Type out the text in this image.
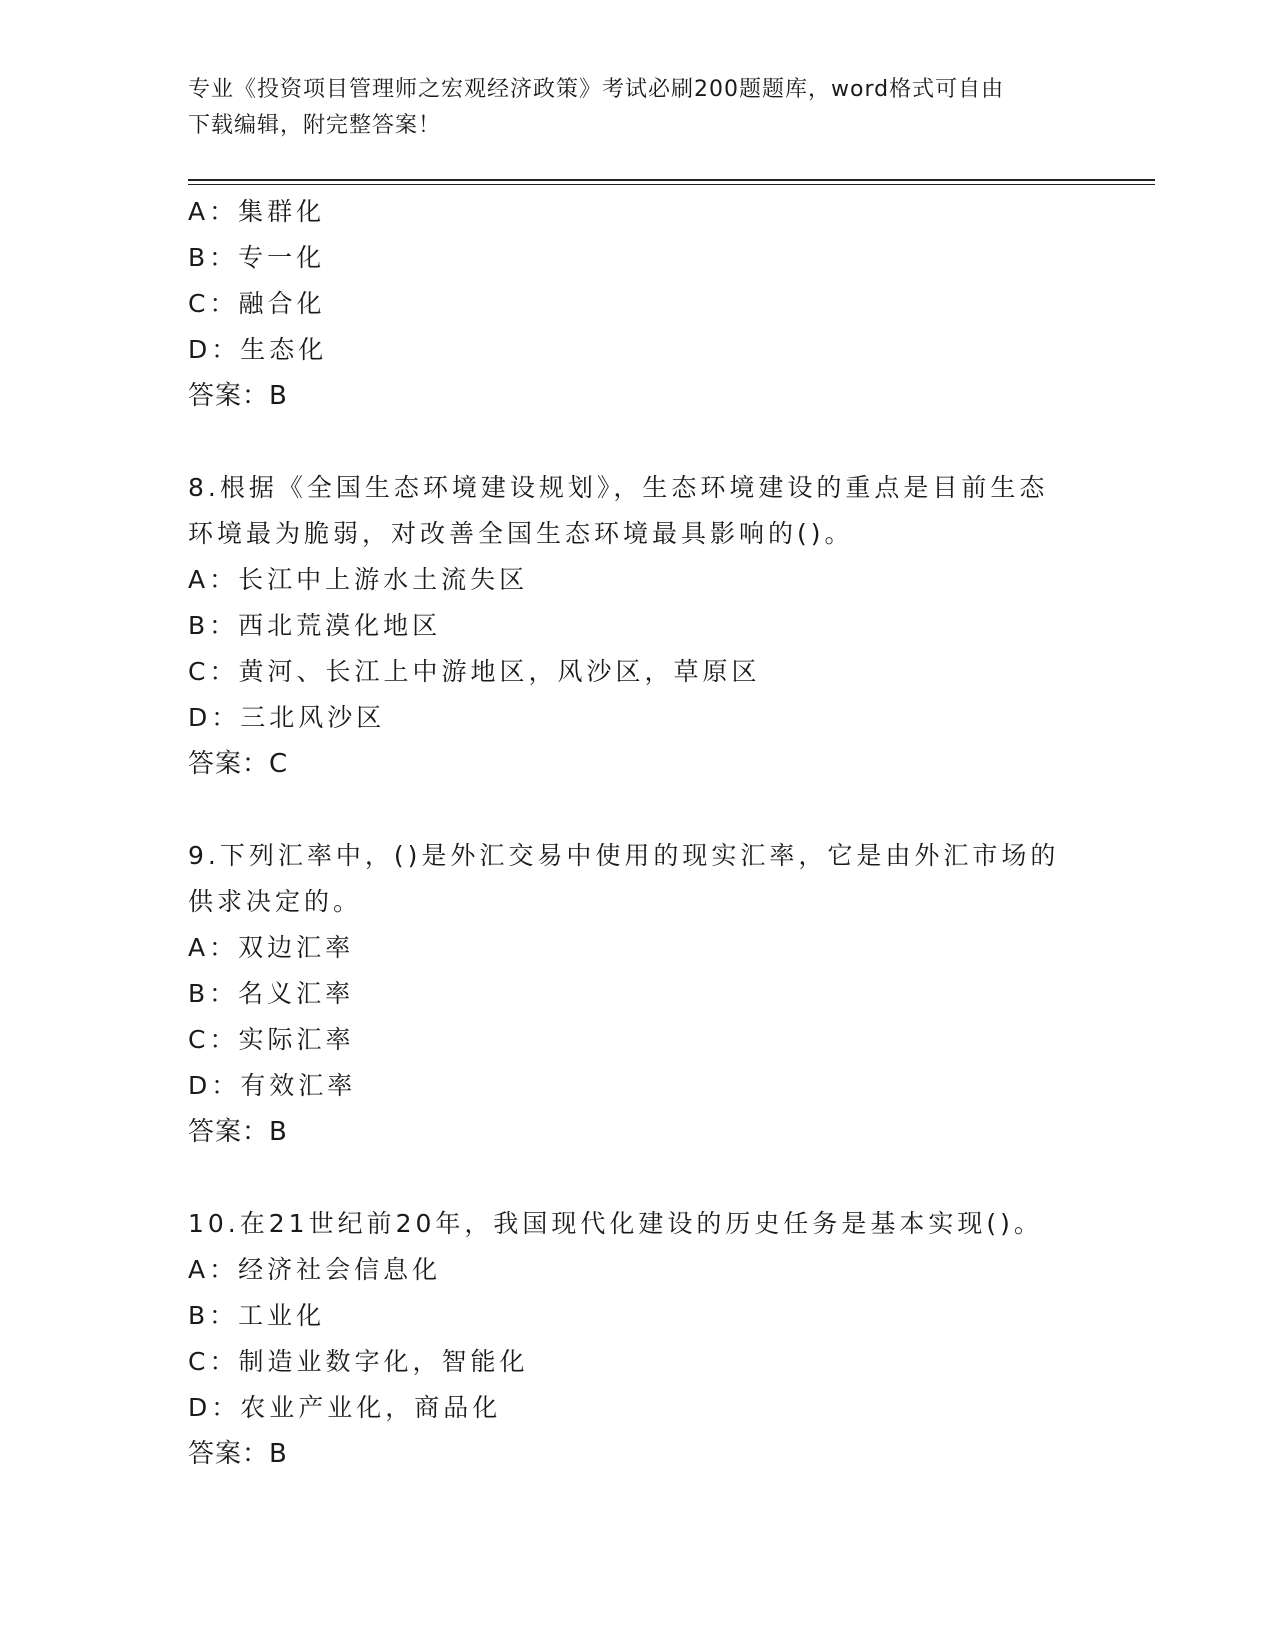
专业《投资项目管理师之宏观经济政策》考试必刷200题题库，word格式可自由
下载编辑，附完整答案！
A：集群化
B：专一化
C：融合化
D：生态化
答案：B
8.根据《全国生态环境建设规划》，生态环境建设的重点是目前生态
环境最为脆弱，对改善全国生态环境最具影响的()。
A：长江中上游水土流失区
B：西北荒漠化地区
C：黄河、长江上中游地区，风沙区，草原区
D：三北风沙区
答案：C
9.下列汇率中，()是外汇交易中使用的现实汇率，它是由外汇市场的
供求决定的。
A：双边汇率
B：名义汇率
C：实际汇率
D：有效汇率
答案：B
10.在21世纪前20年，我国现代化建设的历史任务是基本实现()。
A：经济社会信息化
B：工业化
C：制造业数字化，智能化
D：农业产业化，商品化
答案：B
